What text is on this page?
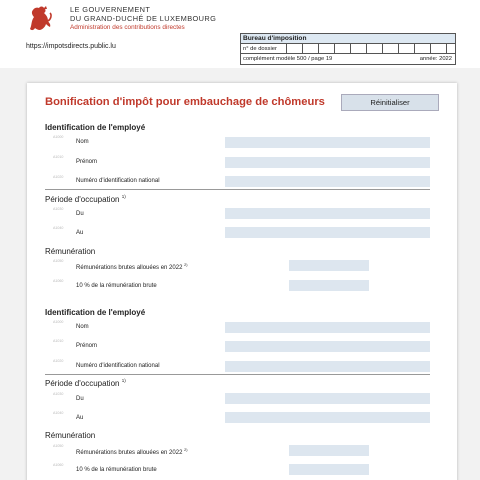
LE GOUVERNEMENT
DU GRAND-DUCHÉ DE LUXEMBOURG
Administration des contributions directes
https://impotsdirects.public.lu
Bureau d'imposition
n° de dossier
complément modèle 500 / page 19	année: 2022
Bonification d'impôt pour embauchage de chômeurs	Réinitialiser
Identification de l'employé
A1000
Nom
A1010
Prénom
A1020
Numéro d'identification national
Période d'occupation $^{1)}$
A1030
Du
A1040
Au
Rémunération
A1050
Rémunérations brutes allouées en 2022 $^{2)}$
A1060
10 % de la rémunération brute
Identification de l'employé
A1000
Nom
A1010
Prénom
A1020
Numéro d'identification national
Période d'occupation $^{1)}$
A1030
Du
A1040
Au
Rémunération
A1050
Rémunérations brutes allouées en 2022 $^{2)}$
A1060
10 % de la rémunération brute
